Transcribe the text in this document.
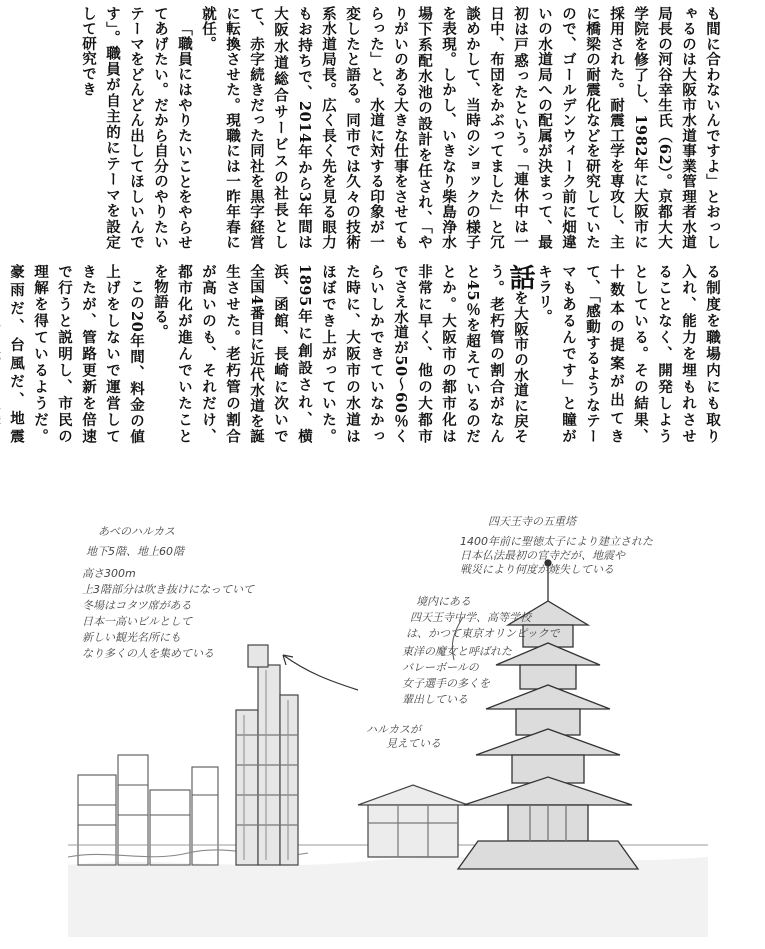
も間に合わないんですよ」とおっしゃるのは大阪市水道事業管理者水道局長の河谷幸生氏（62）。京都大大学院を修了し、1982年に大阪市に採用された。耐震工学を専攻し、主に橋梁の耐震化などを研究していたので、ゴールデンウィーク前に畑違いの水道局への配属が決まって、最初は戸惑ったという。「連休中は一日中、布団をかぶってました」と冗談めかして、当時のショックの様子を表現。しかし、いきなり柴島浄水場下系配水池の設計を任され、「やりがいのある大きな仕事をさせてもらった」と、水道に対する印象が一変したと語る。同市では久々の技術系水道局長。広く長く先を見る眼力もお持ちで、2014年から3年間は大阪水道総合サービスの社長として、赤字続きだった同社を黒字経営に転換させた。現職には一昨年春に就任。

「職員にはやりたいことをやらせてあげたい。だから自分のやりたいテーマをどんどん出してほしいんです」。職員が自主的にテーマを設定して研究でき

る制度を職場内にも取り入れ、能力を埋もれさせることなく、開発しようとしている。その結果、十数本の提案が出てきて、「感動するようなテーマもあるんです」と瞳がキラリ。

話を大阪市の水道に戻そう。老朽管の割合がなんと45％を超えているのだとか。大阪市の都市化は非常に早く、他の大都市でさえ水道が50～60％くらいしかできていなかった時に、大阪市の水道はほぼでき上がっていた。1895年に創設され、横浜、函館、長崎に次いで全国4番目に近代水道を誕生させた。老朽管の割合が高いのも、それだけ、都市化が進んでいたことを物語る。

この20年間、料金の値上げをしないで運営してきたが、管路更新を倍速で行うと説明し、市民の理解を得ているようだ。豪雨だ、台風だ、地震

あべのハルカス
地下5階、地上60階
高さ300m
上3階部分は吹き抜けになっていて
冬場はコタツ席がある
日本一高いビルとして
新しい観光名所にも
なり多くの人を集めている
四天王寺の五重塔
1400年前に聖徳太子により建立された
日本仏法最初の官寺だが、地震や
戦災により何度か焼失している
境内にある
四天王寺中学、高等学校
は、かつて東京オリンピックで
東洋の魔女と呼ばれた
バレーボールの
女子選手の多くを
輩出している
ハルカスが
見えている
